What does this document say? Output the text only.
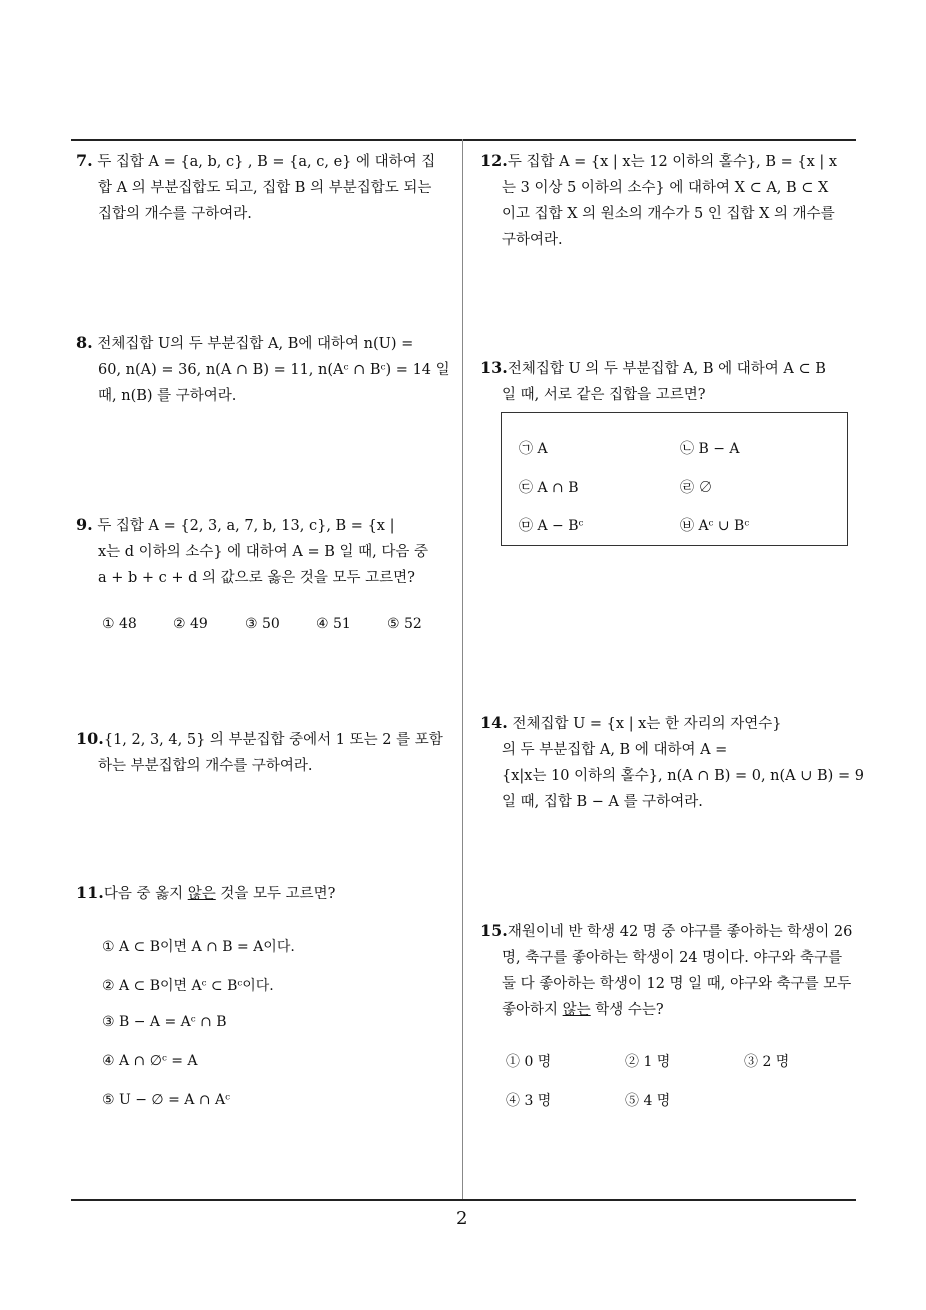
7. 두 집합 A = {a, b, c} , B = {a, c, e} 에 대하여 집
합 A 의 부분집합도 되고, 집합 B 의 부분집합도 되는
집합의 개수를 구하여라.
8. 전체집합 U의 두 부분집합 A, B에 대하여 n(U) =
60, n(A) = 36, n(A ∩ B) = 11, n(Aᶜ ∩ Bᶜ) = 14 일
때, n(B) 를 구하여라.
9. 두 집합 A = {2, 3, a, 7, b, 13, c}, B = {x |
x는 d 이하의 소수} 에 대하여 A = B 일 때, 다음 중
a + b + c + d 의 값으로 옳은 것을 모두 고르면?
① 48	② 49	③ 50	④ 51	⑤ 52
10.{1, 2, 3, 4, 5} 의 부분집합 중에서 1 또는 2 를 포함
하는 부분집합의 개수를 구하여라.
11.다음 중 옳지 않은 것을 모두 고르면?
① A ⊂ B이면 A ∩ B = A이다.
② A ⊂ B이면 Aᶜ ⊂ Bᶜ이다.
③ B − A = Aᶜ ∩ B
④ A ∩ ∅ᶜ = A
⑤ U − ∅ = A ∩ Aᶜ
12.두 집합 A = {x | x는 12 이하의 홀수}, B = {x | x
는 3 이상 5 이하의 소수} 에 대하여 X ⊂ A, B ⊂ X
이고 집합 X 의 원소의 개수가 5 인 집합 X 의 개수를
구하여라.
13.전체집합 U 의 두 부분집합 A, B 에 대하여 A ⊂ B
일 때, 서로 같은 집합을 고르면?
㉠ A	㉡ B − A
㉢ A ∩ B	㉣ ∅
㉤ A − Bᶜ	㉥ Aᶜ ∪ Bᶜ
14. 전체집합 U = {x | x는 한 자리의 자연수}
의 두 부분집합 A, B 에 대하여 A =
{x|x는 10 이하의 홀수}, n(A ∩ B) = 0, n(A ∪ B) = 9
일 때, 집합 B − A 를 구하여라.
15.재원이네 반 학생 42 명 중 야구를 좋아하는 학생이 26
명, 축구를 좋아하는 학생이 24 명이다. 야구와 축구를
둘 다 좋아하는 학생이 12 명 일 때, 야구와 축구를 모두
좋아하지 않는 학생 수는?
① 0 명	② 1 명	③ 2 명
④ 3 명	⑤ 4 명
2
